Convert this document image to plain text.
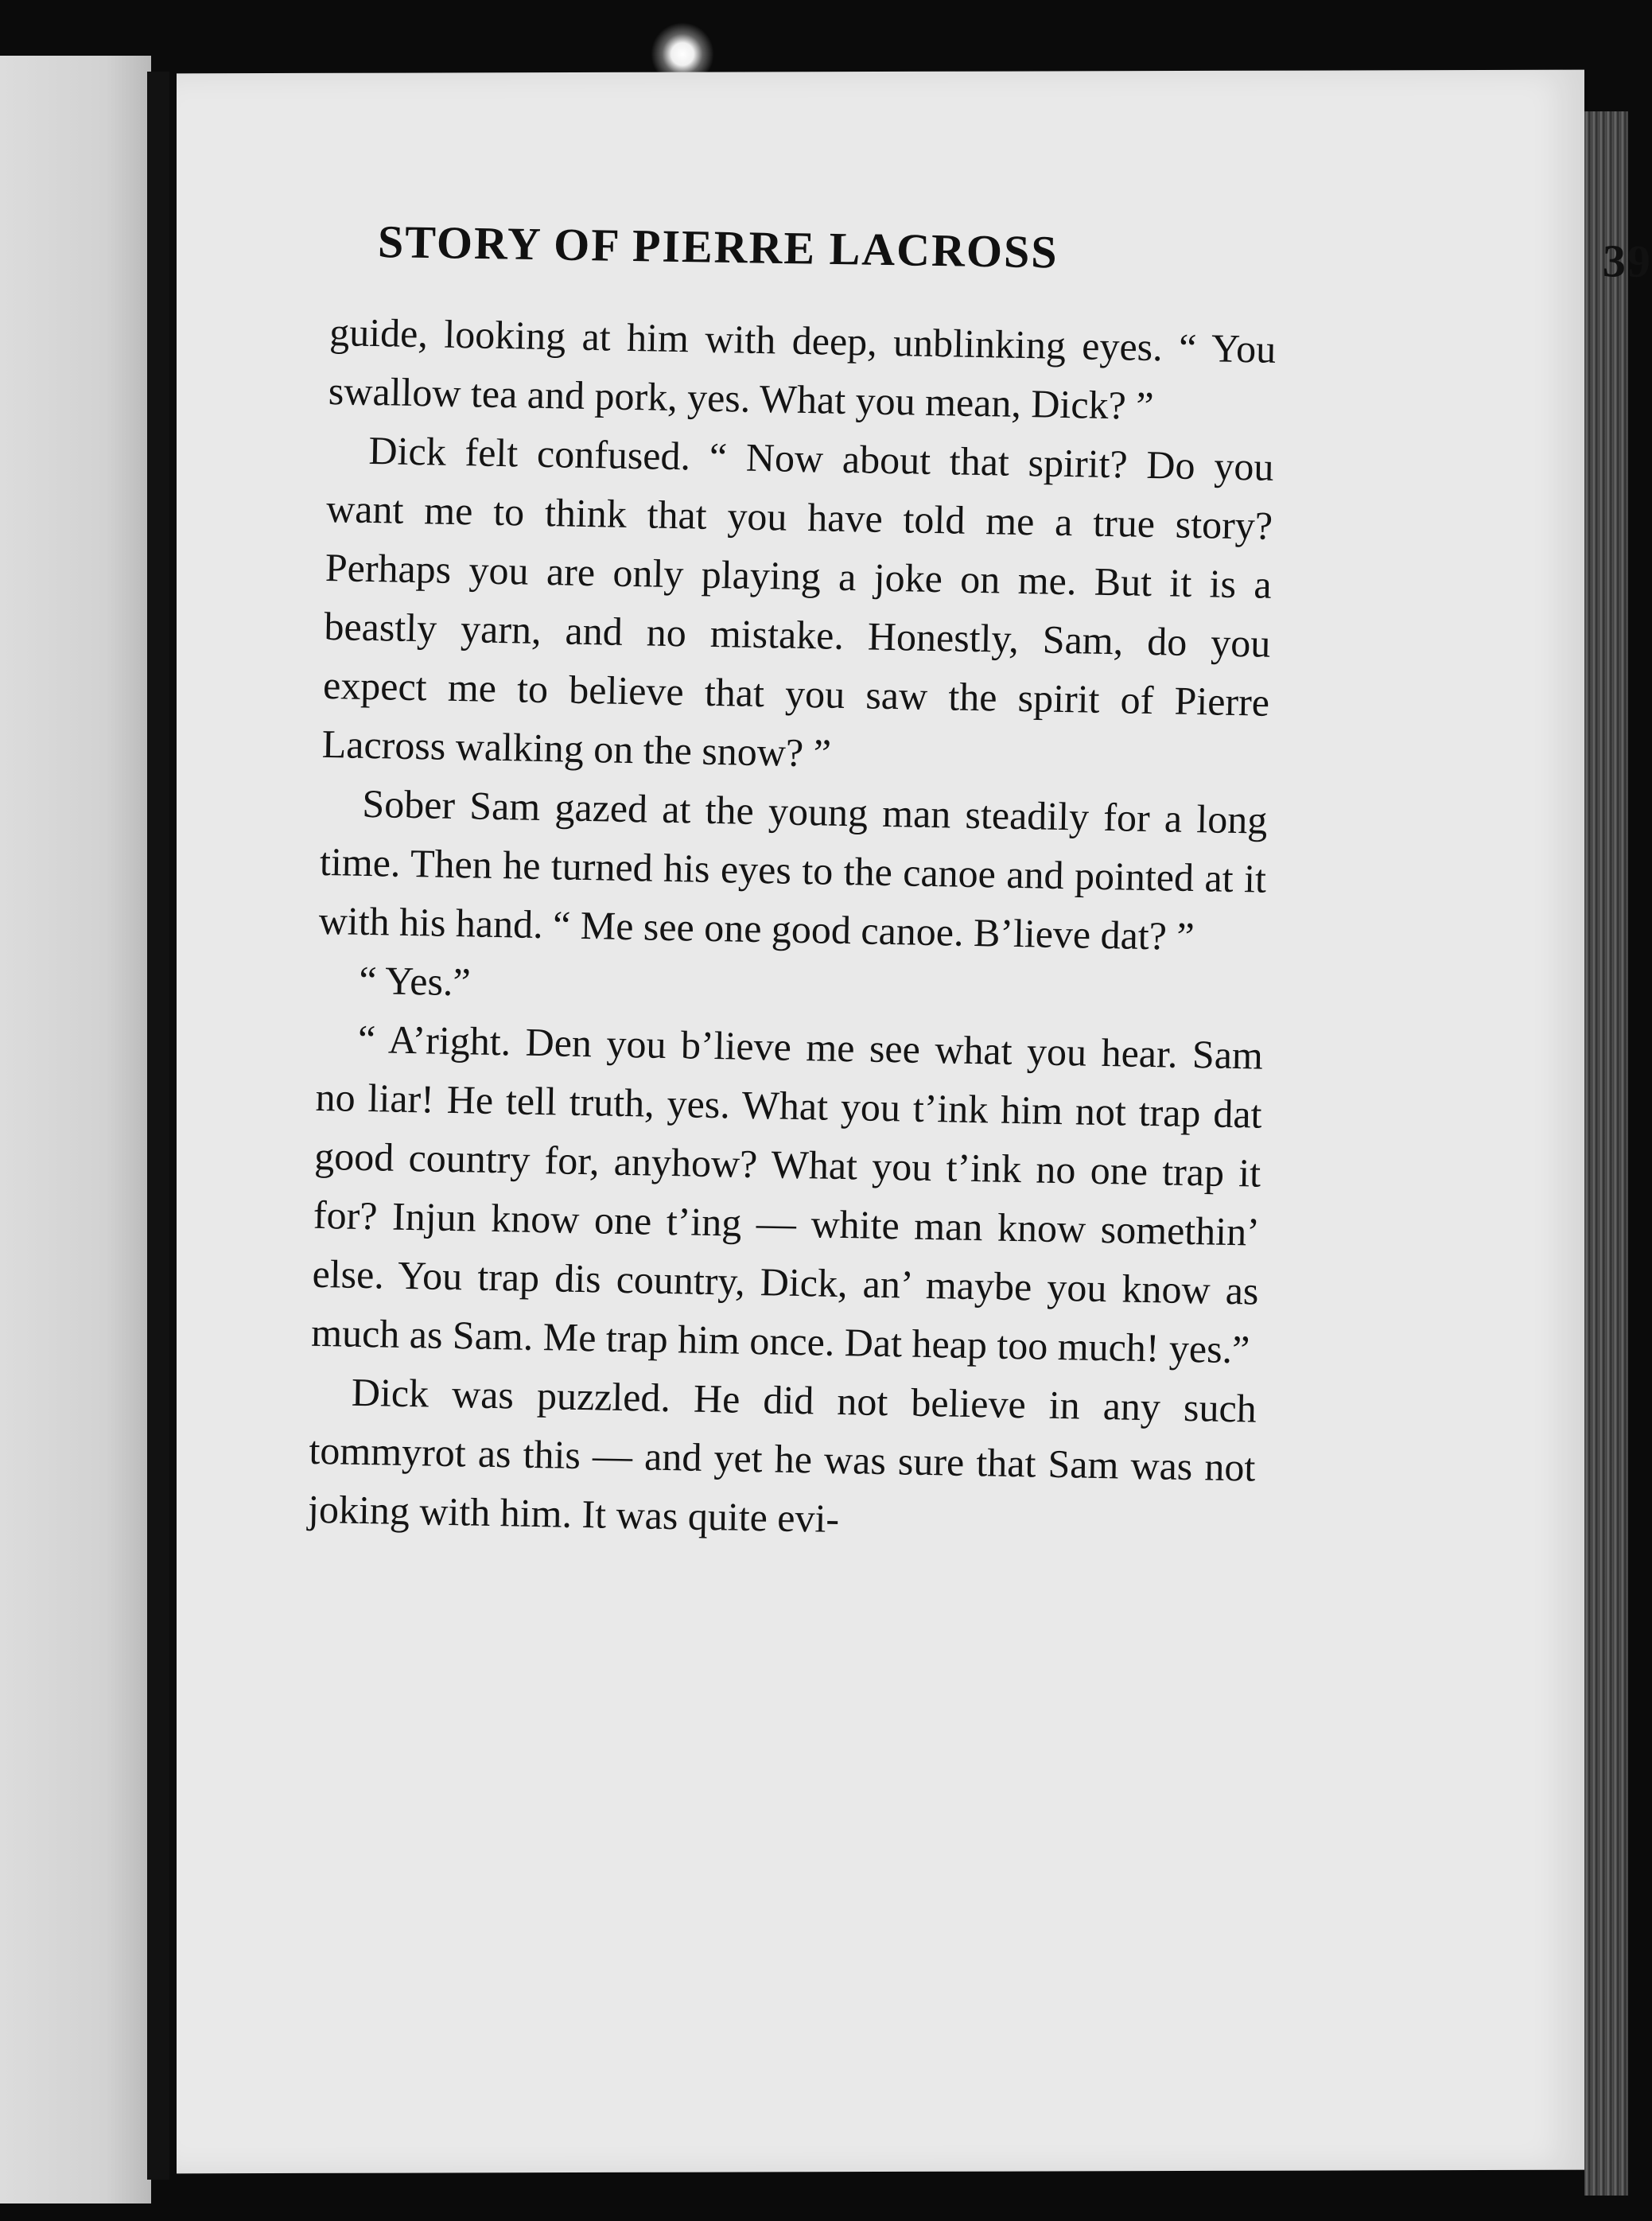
STORY OF PIERRE LACROSS	39

guide, looking at him with deep, unblinking eyes. “ You swallow tea and pork, yes. What you mean, Dick? ”

Dick felt confused. “ Now about that spirit? Do you want me to think that you have told me a true story? Perhaps you are only playing a joke on me. But it is a beastly yarn, and no mistake. Honestly, Sam, do you expect me to believe that you saw the spirit of Pierre Lacross walking on the snow? ”

Sober Sam gazed at the young man steadily for a long time. Then he turned his eyes to the canoe and pointed at it with his hand. “ Me see one good canoe. B’lieve dat? ”

“ Yes.”

“ A’right. Den you b’lieve me see what you hear. Sam no liar! He tell truth, yes. What you t’ink him not trap dat good country for, anyhow? What you t’ink no one trap it for? Injun know one t’ing — white man know somethin’ else. You trap dis country, Dick, an’ maybe you know as much as Sam. Me trap him once. Dat heap too much! yes.”

Dick was puzzled. He did not believe in any such tommyrot as this — and yet he was sure that Sam was not joking with him. It was quite evi-
